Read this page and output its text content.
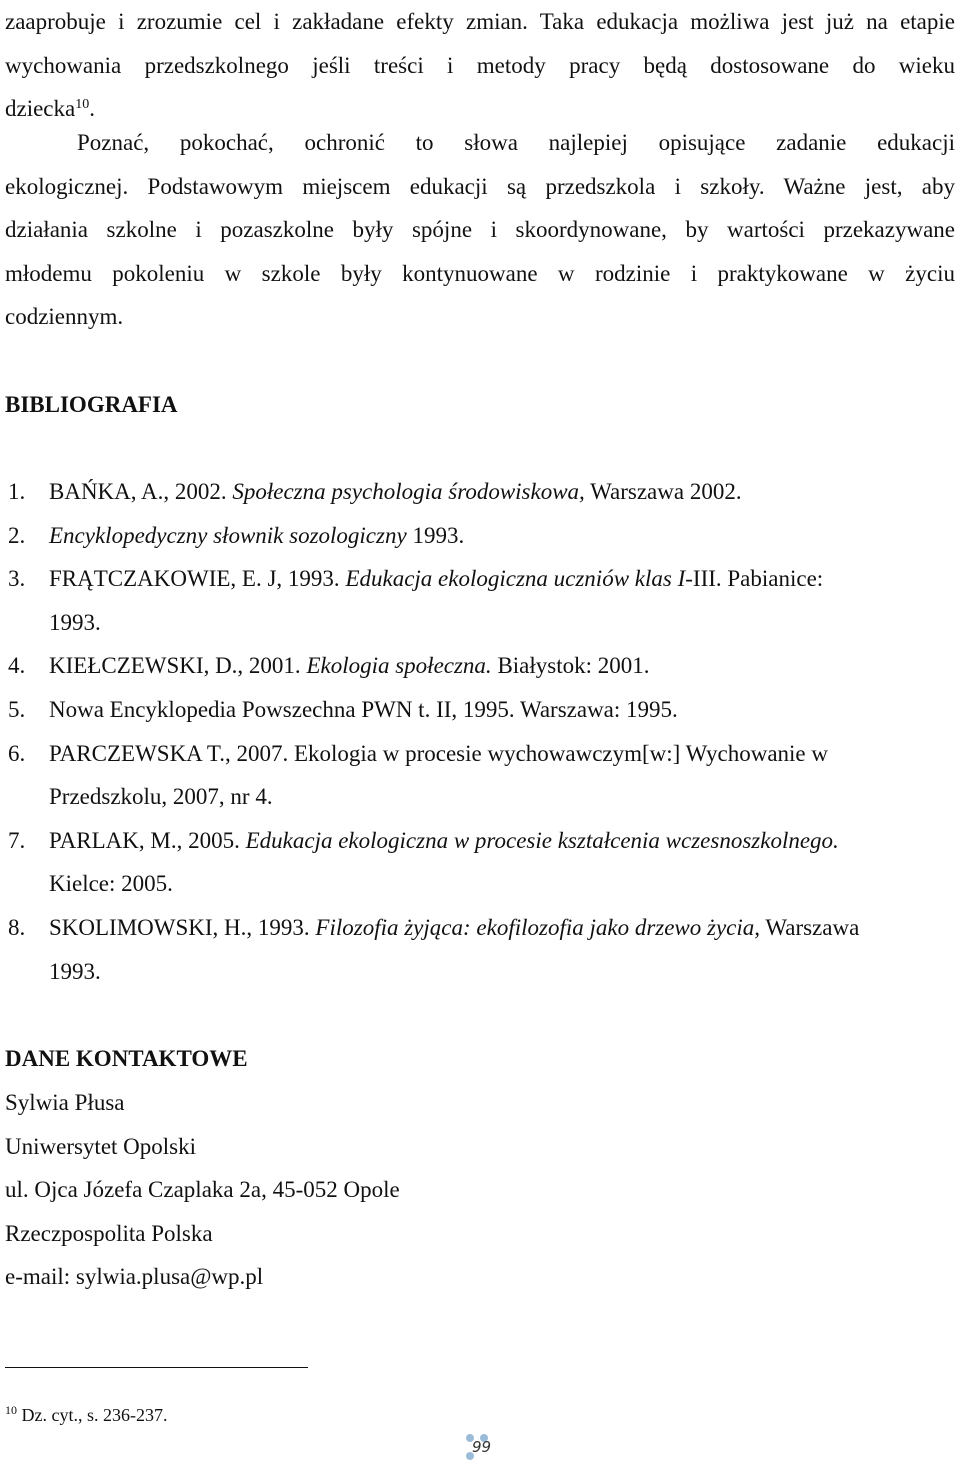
zaaprobuje i zrozumie cel i zakładane efekty zmian. Taka edukacja możliwa jest już na etapie
wychowania przedszkolnego jeśli treści i metody pracy będą dostosowane do wieku
dziecka$^{10}$.

Poznać, pokochać, ochronić to słowa najlepiej opisujące zadanie edukacji
ekologicznej. Podstawowym miejscem edukacji są przedszkola i szkoły. Ważne jest, aby
działania szkolne i pozaszkolne były spójne i skoordynowane, by wartości przekazywane
młodemu pokoleniu w szkole były kontynuowane w rodzinie i praktykowane w życiu
codziennym.

BIBLIOGRAFIA
1. BAŃKA, A., 2002. Społeczna psychologia środowiskowa, Warszawa 2002.
2. Encyklopedyczny słownik sozologiczny 1993.
3. FRĄTCZAKOWIE, E. J, 1993. Edukacja ekologiczna uczniów klas I-III. Pabianice:
1993.
4. KIEŁCZEWSKI, D., 2001. Ekologia społeczna. Białystok: 2001.
5. Nowa Encyklopedia Powszechna PWN t. II, 1995. Warszawa: 1995.
6. PARCZEWSKA T., 2007. Ekologia w procesie wychowawczym[w:] Wychowanie w
Przedszkolu, 2007, nr 4.
7. PARLAK, M., 2005. Edukacja ekologiczna w procesie kształcenia wczesnoszkolnego.
Kielce: 2005.
8. SKOLIMOWSKI, H., 1993. Filozofia żyjąca: ekofilozofia jako drzewo życia, Warszawa
1993.
DANE KONTAKTOWE
Sylwia Płusa
Uniwersytet Opolski
ul. Ojca Józefa Czaplaka 2a, 45-052 Opole
Rzeczpospolita Polska
e-mail: sylwia.plusa@wp.pl
$^{10}$ Dz. cyt., s. 236-237.
99
